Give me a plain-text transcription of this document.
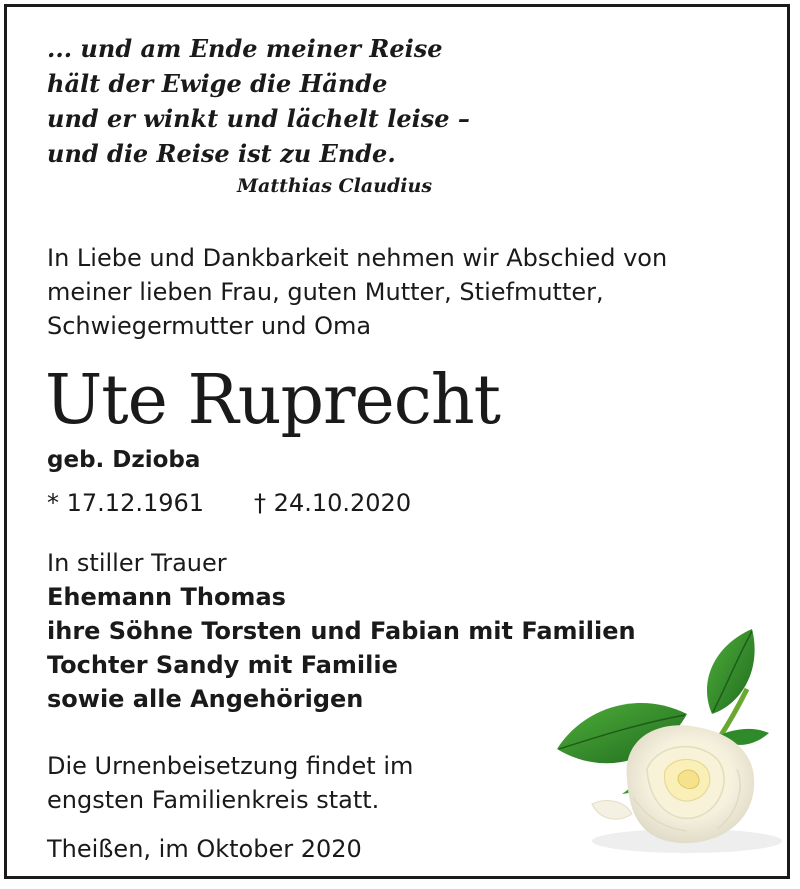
... und am Ende meiner Reise
hält der Ewige die Hände
und er winkt und lächelt leise –
und die Reise ist zu Ende.
Matthias Claudius
In Liebe und Dankbarkeit nehmen wir Abschied von
meiner lieben Frau, guten Mutter, Stiefmutter,
Schwiegermutter und Oma
Ute Ruprecht
geb. Dzioba
* 17.12.1961 † 24.10.2020
In stiller Trauer
Ehemann Thomas
ihre Söhne Torsten und Fabian mit Familien
Tochter Sandy mit Familie
sowie alle Angehörigen
Die Urnenbeisetzung findet im
engsten Familienkreis statt.
Theißen, im Oktober 2020
